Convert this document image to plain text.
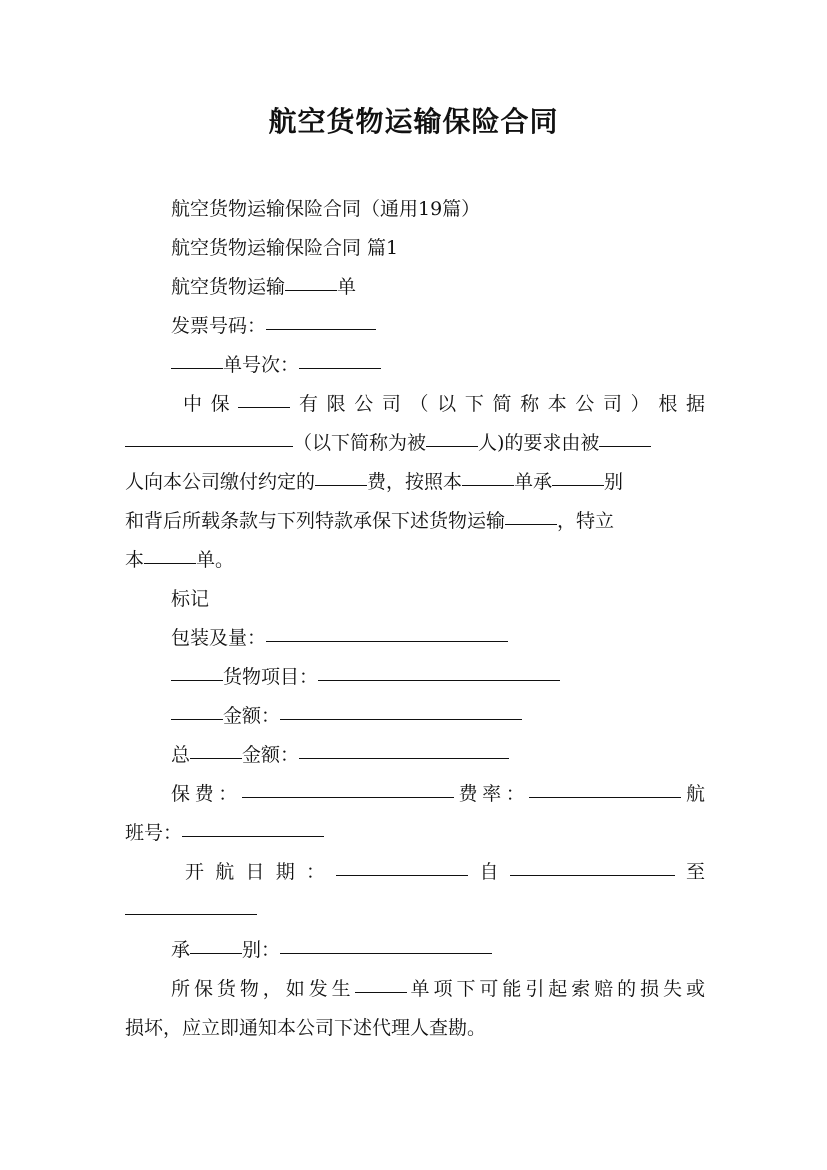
航空货物运输保险合同

航空货物运输保险合同（通用19篇）

航空货物运输保险合同 篇1

航空货物运输	单

发票号码：

单号次：

中保	有限公司（以下简称本公司）根据

（以下简称为被	人)的要求由被

人向本公司缴付约定的	费，按照本	单承	别

和背后所载条款与下列特款承保下述货物运输	，特立

本	单。

标记

包装及量：

货物项目：

金额：

总	金额：

保费：	费率：	航

班号：

开航日期：	自	至

承	别：

所保货物，如发生	单项下可能引起索赔的损失或

损坏，应立即通知本公司下述代理人查勘。
